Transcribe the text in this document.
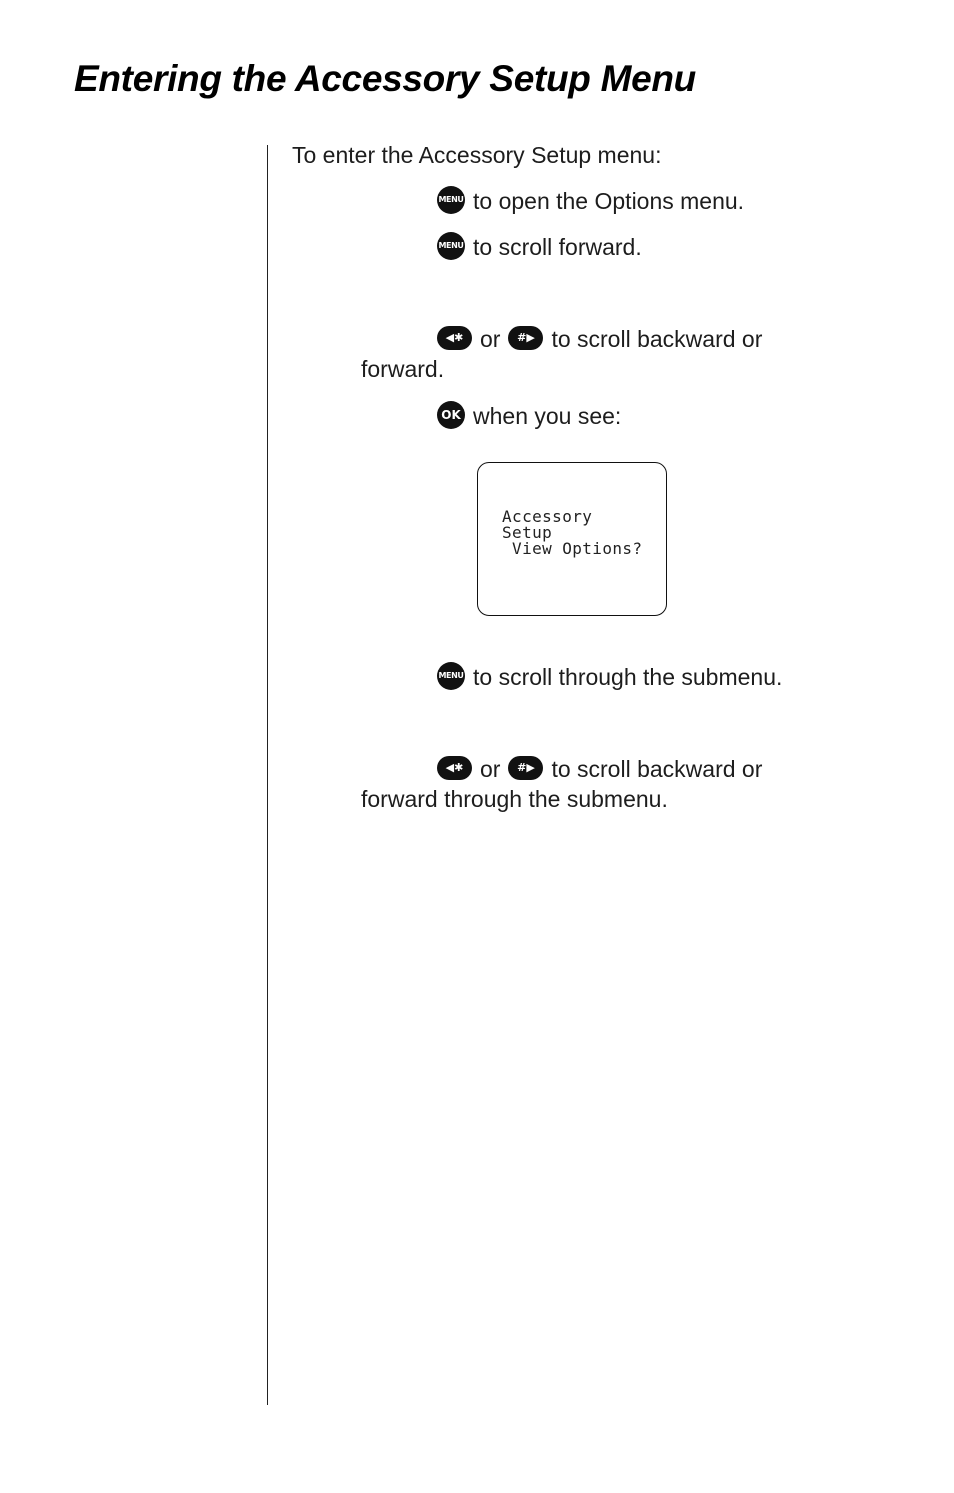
Entering the Accessory Setup Menu
To enter the Accessory Setup menu:
MENU to open the Options menu.
MENU to scroll forward.
◀✱ or #▶ to scroll backward or
forward.
OK when you see:
Accessory
Setup
View Options?
MENU to scroll through the submenu.
◀✱ or #▶ to scroll backward or
forward through the submenu.
